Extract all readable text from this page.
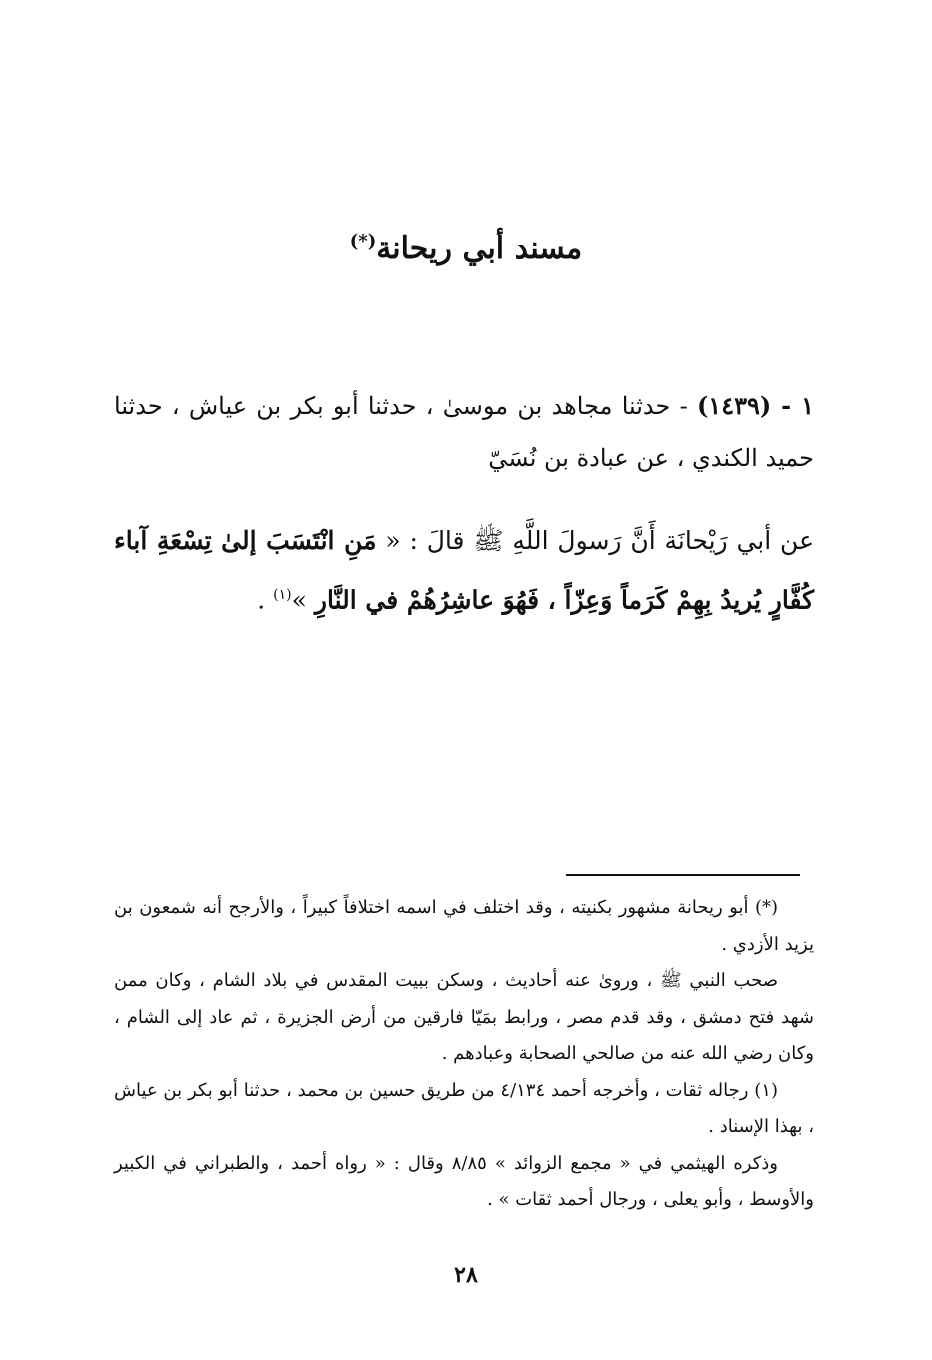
مسند أبي ريحانة(*)
١ - (١٤٣٩) - حدثنا مجاهد بن موسىٰ ، حدثنا أبو بكر بن عياش ، حدثنا حميد الكندي ، عن عبادة بن نُسَيّ
عن أبي رَيْحانَة أَنَّ رَسولَ اللَّهِ ﷺ قالَ : « مَنِ انْتَسَبَ إلىٰ تِسْعَةِ آباء كُفَّارٍ يُريدُ بِهِمْ كَرَماً وَعِزّاً ، فَهُوَ عاشِرُهُمْ في النَّارِ »$^{(١)}$ .

(*) أبو ريحانة مشهور بكنيته ، وقد اختلف في اسمه اختلافاً كبيراً ، والأرجح أنه شمعون بن يزيد الأزدي .

صحب النبي ﷺ ، وروىٰ عنه أحاديث ، وسكن ببيت المقدس في بلاد الشام ، وكان ممن شهد فتح دمشق ، وقد قدم مصر ، ورابط بمَيّا فارقين من أرض الجزيرة ، ثم عاد إلى الشام ، وكان رضي الله عنه من صالحي الصحابة وعبادهم .

(١) رجاله ثقات ، وأخرجه أحمد ٤/١٣٤ من طريق حسين بن محمد ، حدثنا أبو بكر بن عياش ، بهذا الإسناد .

وذكره الهيثمي في « مجمع الزوائد » ٨/٨٥ وقال : « رواه أحمد ، والطبراني في الكبير والأوسط ، وأبو يعلى ، ورجال أحمد ثقات » .

٢٨
